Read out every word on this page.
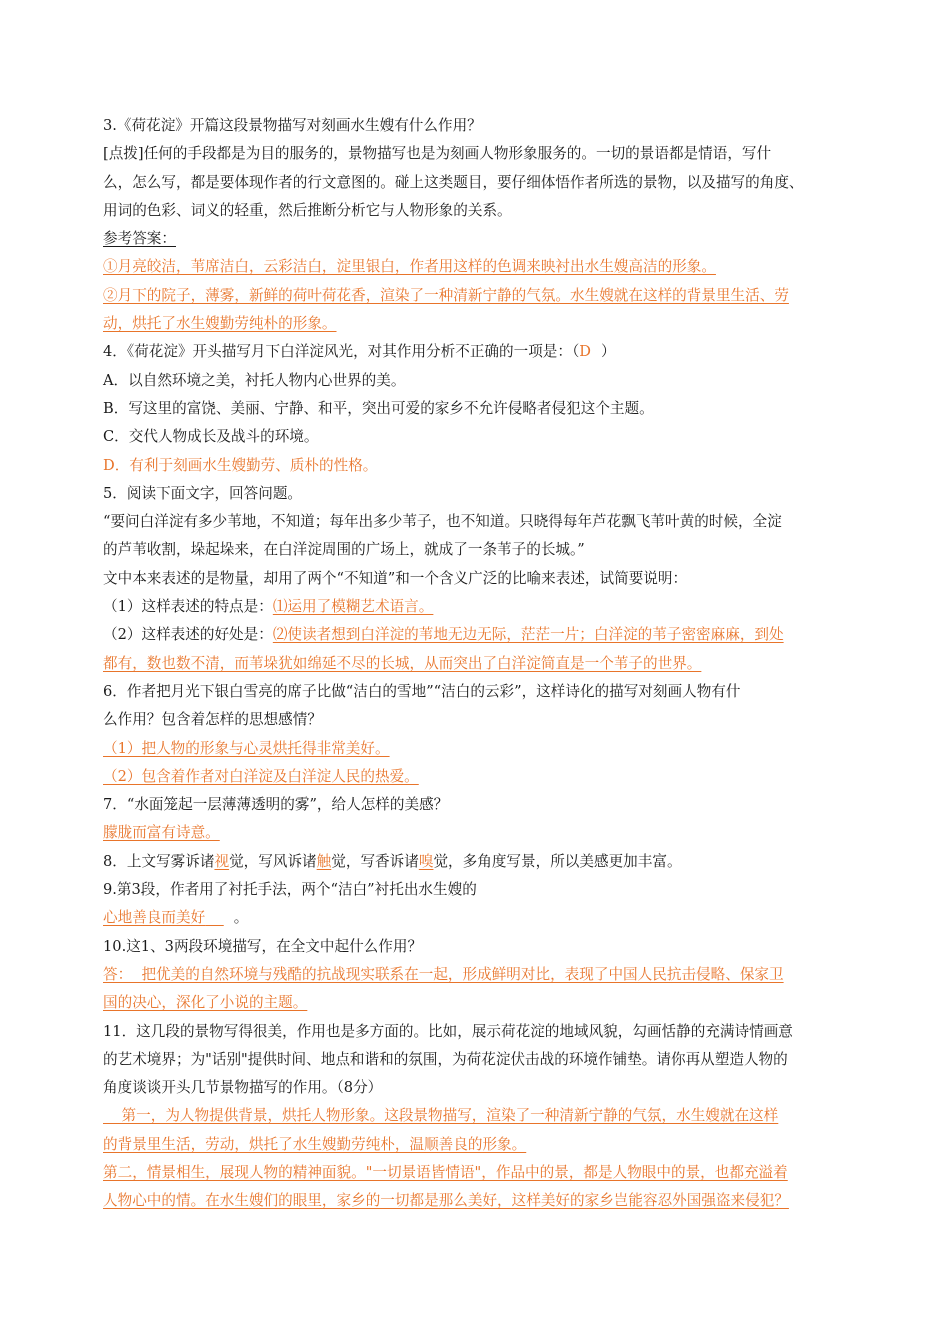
3.《荷花淀》开篇这段景物描写对刻画水生嫂有什么作用？
[点拨]任何的手段都是为目的服务的，景物描写也是为刻画人物形象服务的。一切的景语都是情语，写什
么，怎么写，都是要体现作者的行文意图的。碰上这类题目，要仔细体悟作者所选的景物，以及描写的角度、
用词的色彩、词义的轻重，然后推断分析它与人物形象的关系。
参考答案：
①月亮皎洁，苇席洁白，云彩洁白，淀里银白，作者用这样的色调来映衬出水生嫂高洁的形象。
②月下的院子，薄雾，新鲜的荷叶荷花香，渲染了一种清新宁静的气氛。水生嫂就在这样的背景里生活、劳
动，烘托了水生嫂勤劳纯朴的形象。
4．《荷花淀》开头描写月下白洋淀风光，对其作用分析不正确的一项是：（D ）
A．以自然环境之美，衬托人物内心世界的美。
B．写这里的富饶、美丽、宁静、和平，突出可爱的家乡不允许侵略者侵犯这个主题。
C．交代人物成长及战斗的环境。
D．有利于刻画水生嫂勤劳、质朴的性格。
5．阅读下面文字，回答问题。
“要问白洋淀有多少苇地，不知道；每年出多少苇子，也不知道。只晓得每年芦花飘飞苇叶黄的时候，全淀
的芦苇收割，垛起垛来，在白洋淀周围的广场上，就成了一条苇子的长城。”
文中本来表述的是物量，却用了两个“不知道”和一个含义广泛的比喻来表述，试简要说明：
（1）这样表述的特点是：⑴运用了模糊艺术语言。
（2）这样表述的好处是：⑵使读者想到白洋淀的苇地无边无际，茫茫一片；白洋淀的苇子密密麻麻，到处
都有，数也数不清，而苇垛犹如绵延不尽的长城，从而突出了白洋淀简直是一个苇子的世界。
6．作者把月光下银白雪亮的席子比做“洁白的雪地”“洁白的云彩”，这样诗化的描写对刻画人物有什
么作用？包含着怎样的思想感情？
（1）把人物的形象与心灵烘托得非常美好。
（2）包含着作者对白洋淀及白洋淀人民的热爱。
7．“水面笼起一层薄薄透明的雾”，给人怎样的美感？
朦胧而富有诗意。
8．上文写雾诉诸视觉，写风诉诸触觉，写香诉诸嗅觉，多角度写景，所以美感更加丰富。
9.第3段，作者用了衬托手法，两个“洁白”衬托出水生嫂的
心地善良而美好 。
10.这1、3两段环境描写，在全文中起什么作用？
答：  把优美的自然环境与残酷的抗战现实联系在一起，形成鲜明对比，表现了中国人民抗击侵略、保家卫
国的决心，深化了小说的主题。
11．这几段的景物写得很美，作用也是多方面的。比如，展示荷花淀的地域风貌，勾画恬静的充满诗情画意
的艺术境界；为"话别"提供时间、地点和谐和的氛围，为荷花淀伏击战的环境作铺垫。请你再从塑造人物的
角度谈谈开头几节景物描写的作用。（8分）
第一，为人物提供背景，烘托人物形象。这段景物描写，渲染了一种清新宁静的气氛，水生嫂就在这样
的背景里生活，劳动，烘托了水生嫂勤劳纯朴，温顺善良的形象。
第二，情景相生，展现人物的精神面貌。"一切景语皆情语"，作品中的景，都是人物眼中的景，也都充溢着
人物心中的情。在水生嫂们的眼里，家乡的一切都是那么美好，这样美好的家乡岂能容忍外国强盗来侵犯？
